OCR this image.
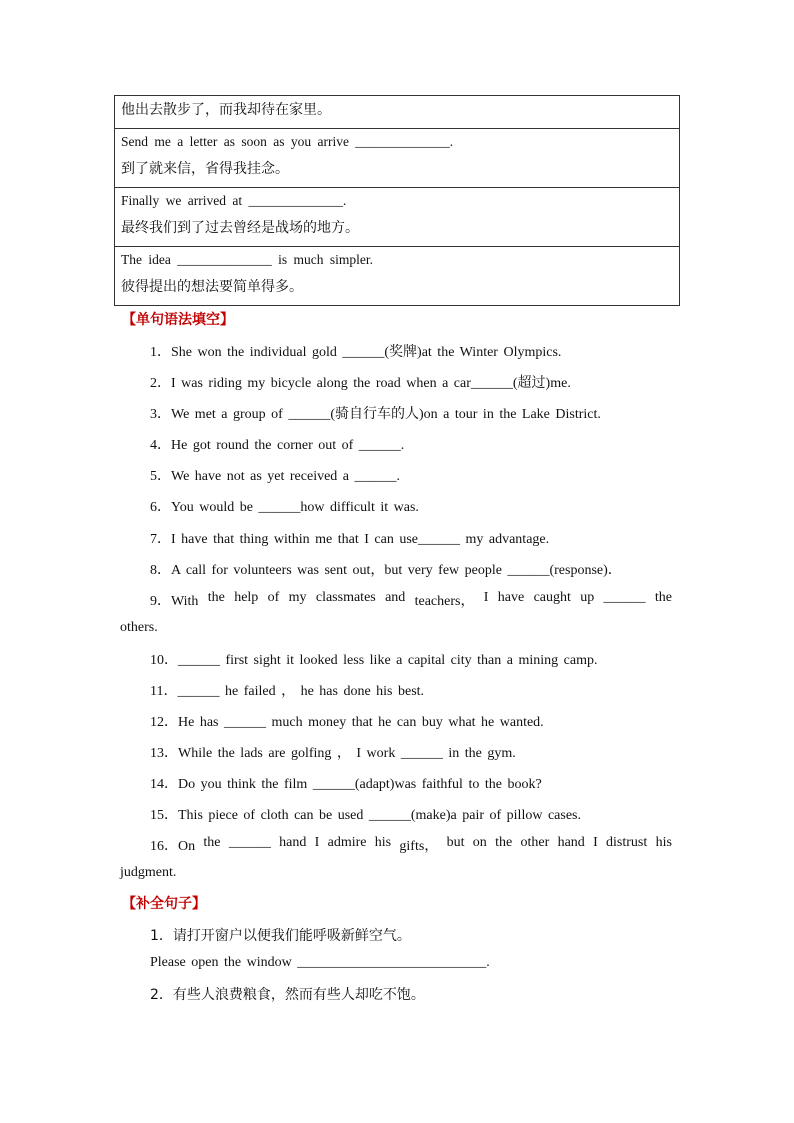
他出去散步了，而我却待在家里。

Send me a letter as soon as you arrive ______________.
到了就来信，省得我挂念。

Finally we arrived at ______________.
最终我们到了过去曾经是战场的地方。

The idea ______________ is much simpler.
彼得提出的想法要简单得多。
【单句语法填空】
1．She won the individual gold ______(奖牌)at the Winter Olympics.
2．I was riding my bicycle along the road when a car______(超过)me.
3．We met a group of ______(骑自行车的人)on a tour in the Lake District.
4．He got round the corner out of ______.
5．We have not as yet received a ______.
6．You would be ______how difficult it was.
7．I have that thing within me that I can use______ my advantage.
8．A call for volunteers was sent out，but very few people ______(response)．
9．With the help of my classmates and teachers， I have caught up ______ the
others.
10．______ first sight it looked less like a capital city than a mining camp.
11．______ he failed ， he has done his best.
12．He has ______ much money that he can buy what he wanted.
13．While the lads are golfing ， I work ______ in the gym.
14．Do you think the film ______(adapt)was faithful to the book?
15．This piece of cloth can be used ______(make)a pair of pillow cases.
16．On the ______ hand I admire his gifts， but on the other hand I distrust his
judgment.
【补全句子】
1．请打开窗户以便我们能呼吸新鲜空气。
Please open the window ___________________________.
2．有些人浪费粮食，然而有些人却吃不饱。
